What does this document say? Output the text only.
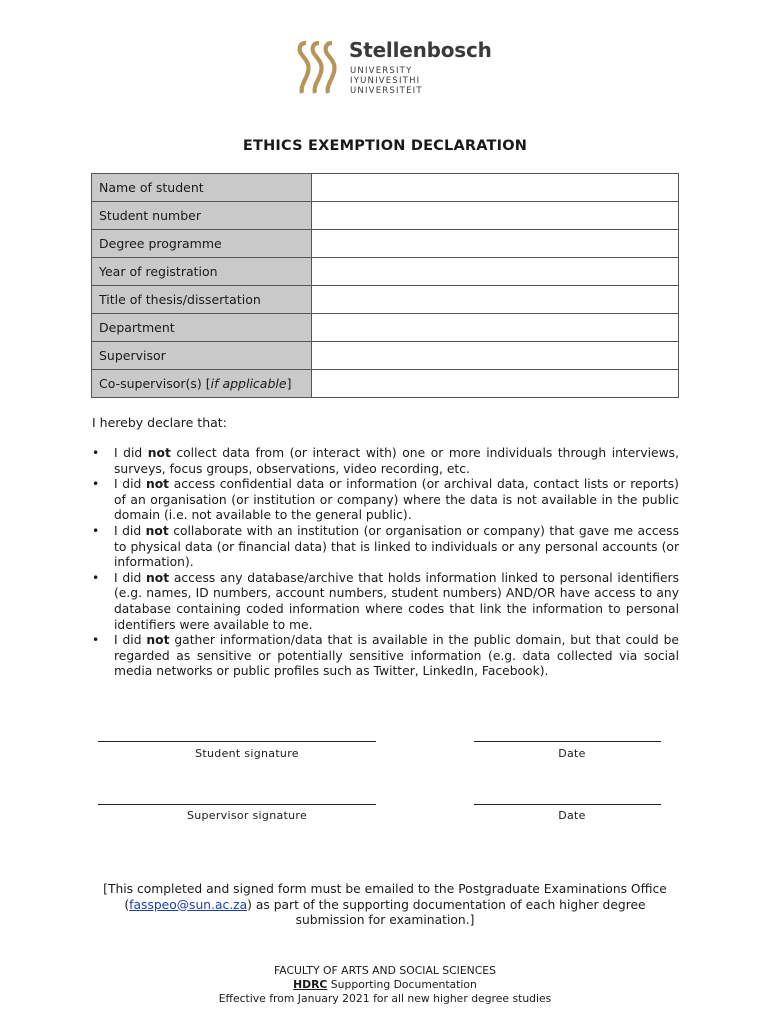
Stellenbosch
UNIVERSITY
IYUNIVESITHI
UNIVERSITEIT
ETHICS EXEMPTION DECLARATION
Name of student	
Student number	
Degree programme	
Year of registration	
Title of thesis/dissertation	
Department	
Supervisor	
Co-supervisor(s) [if applicable]	
I hereby declare that:
• I did not collect data from (or interact with) one or more individuals through interviews, surveys, focus groups, observations, video recording, etc.
• I did not access confidential data or information (or archival data, contact lists or reports) of an organisation (or institution or company) where the data is not available in the public domain (i.e. not available to the general public).
• I did not collaborate with an institution (or organisation or company) that gave me access to physical data (or financial data) that is linked to individuals or any personal accounts (or information).
• I did not access any database/archive that holds information linked to personal identifiers (e.g. names, ID numbers, account numbers, student numbers) AND/OR have access to any database containing coded information where codes that link the information to personal identifiers were available to me.
• I did not gather information/data that is available in the public domain, but that could be regarded as sensitive or potentially sensitive information (e.g. data collected via social media networks or public profiles such as Twitter, LinkedIn, Facebook).
Student signature	Date
Supervisor signature	Date
[This completed and signed form must be emailed to the Postgraduate Examinations Office (fasspeo@sun.ac.za) as part of the supporting documentation of each higher degree submission for examination.]
FACULTY OF ARTS AND SOCIAL SCIENCES
HDRC Supporting Documentation
Effective from January 2021 for all new higher degree studies
